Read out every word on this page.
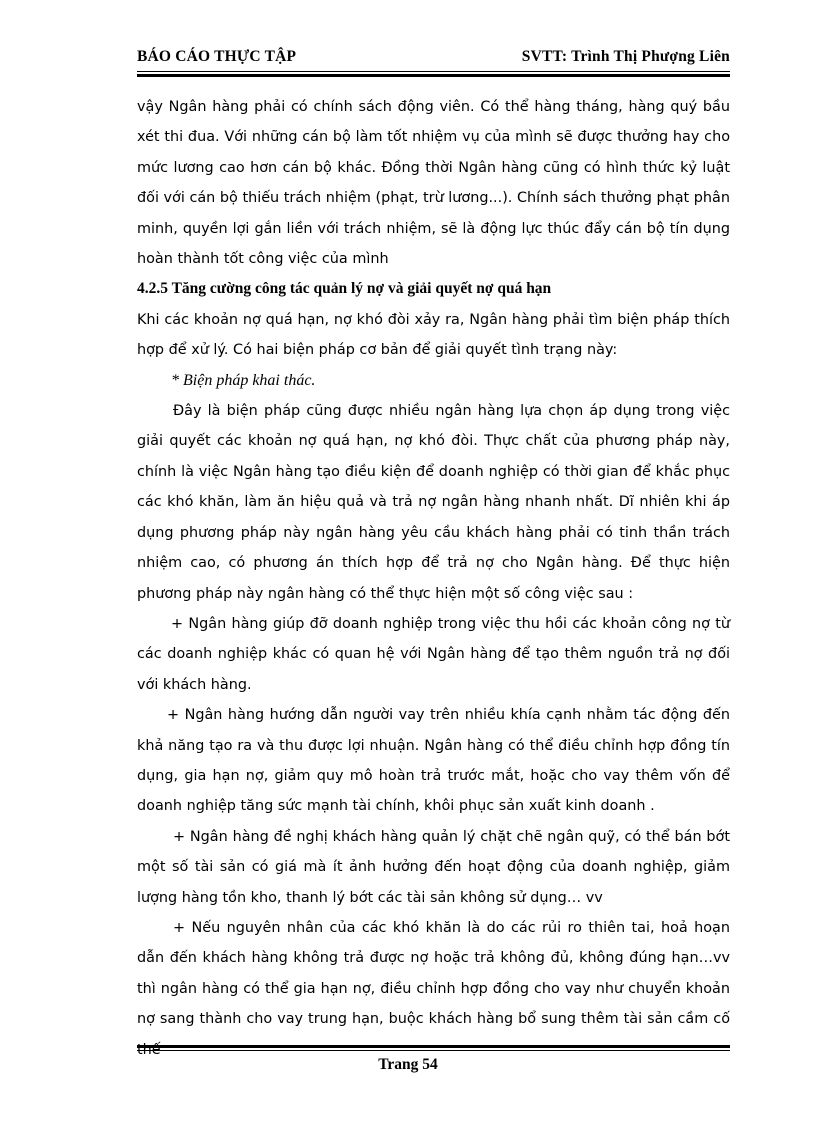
BÁO CÁO THỰC TẬP	SVTT: Trình Thị Phượng Liên

vậy Ngân hàng phải có chính sách động viên. Có thể hàng tháng, hàng quý bầu xét thi đua. Với những cán bộ làm tốt nhiệm vụ của mình sẽ được thưởng hay cho mức lương cao hơn cán bộ khác. Đồng thời Ngân hàng cũng có hình thức kỷ luật đối với cán bộ thiếu trách nhiệm (phạt, trừ lương...). Chính sách thưởng phạt phân minh, quyền lợi gắn liền với trách nhiệm, sẽ là động lực thúc đẩy cán bộ tín dụng hoàn thành tốt công việc của mình

4.2.5 Tăng cường công tác quản lý nợ và giải quyết nợ quá hạn

Khi các khoản nợ quá hạn, nợ khó đòi xảy ra, Ngân hàng phải tìm biện pháp thích hợp để xử lý. Có hai biện pháp cơ bản để giải quyết tình trạng này:

* Biện pháp khai thác.

Đây là biện pháp cũng được nhiều ngân hàng lựa chọn áp dụng trong việc giải quyết các khoản nợ quá hạn, nợ khó đòi. Thực chất của phương pháp này, chính là việc Ngân hàng tạo điều kiện để doanh nghiệp có thời gian để khắc phục các khó khăn, làm ăn hiệu quả và trả nợ ngân hàng nhanh nhất. Dĩ nhiên khi áp dụng phương pháp này ngân hàng yêu cầu khách hàng phải có tinh thần trách nhiệm cao, có phương án thích hợp để trả nợ cho Ngân hàng. Để thực hiện phương pháp này ngân hàng có thể thực hiện một số công việc sau :

+ Ngân hàng giúp đỡ doanh nghiệp trong việc thu hồi các khoản công nợ từ các doanh nghiệp khác có quan hệ với Ngân hàng để tạo thêm nguồn trả nợ đối với khách hàng.

+ Ngân hàng hướng dẫn người vay trên nhiều khía cạnh nhằm tác động đến khả năng tạo ra và thu được lợi nhuận. Ngân hàng có thể điều chỉnh hợp đồng tín dụng, gia hạn nợ, giảm quy mô hoàn trả trước mắt, hoặc cho vay thêm vốn để doanh nghiệp tăng sức mạnh tài chính, khôi phục sản xuất kinh doanh .

+ Ngân hàng đề nghị khách hàng quản lý chặt chẽ ngân quỹ, có thể bán bớt một số tài sản có giá mà ít ảnh hưởng đến hoạt động của doanh nghiệp, giảm lượng hàng tồn kho, thanh lý bớt các tài sản không sử dụng… vv

+ Nếu nguyên nhân của các khó khăn là do các rủi ro thiên tai, hoả hoạn dẫn đến khách hàng không trả được nợ hoặc trả không đủ, không đúng hạn…vv thì ngân hàng có thể gia hạn nợ, điều chỉnh hợp đồng cho vay như chuyển khoản nợ sang thành cho vay trung hạn, buộc khách hàng bổ sung thêm tài sản cầm cố

Trang 54
